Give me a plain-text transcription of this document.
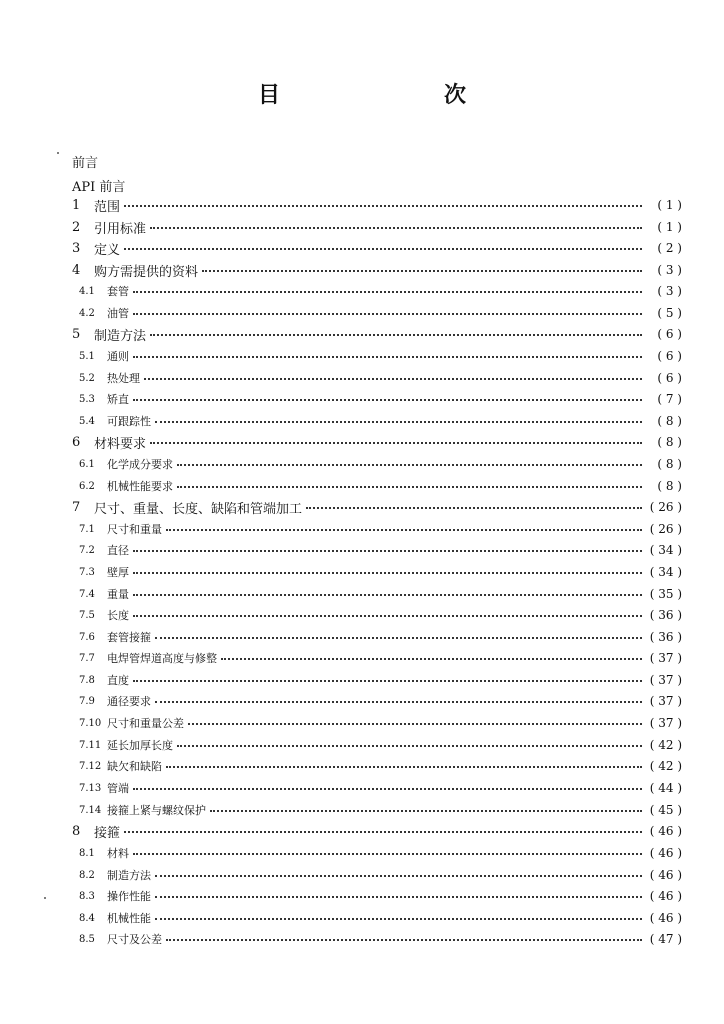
目　　次
前言
API 前言
1	范围	( 1 )
2	引用标准	( 1 )
3	定义	( 2 )
4	购方需提供的资料	( 3 )
4.1	套管	( 3 )
4.2	油管	( 5 )
5	制造方法	( 6 )
5.1	通则	( 6 )
5.2	热处理	( 6 )
5.3	矫直	( 7 )
5.4	可跟踪性	( 8 )
6	材料要求	( 8 )
6.1	化学成分要求	( 8 )
6.2	机械性能要求	( 8 )
7	尺寸、重量、长度、缺陷和管端加工	( 26 )
7.1	尺寸和重量	( 26 )
7.2	直径	( 34 )
7.3	壁厚	( 34 )
7.4	重量	( 35 )
7.5	长度	( 36 )
7.6	套管接箍	( 36 )
7.7	电焊管焊道高度与修整	( 37 )
7.8	直度	( 37 )
7.9	通径要求	( 37 )
7.10 尺寸和重量公差	( 37 )
7.11 延长加厚长度	( 42 )
7.12 缺欠和缺陷	( 42 )
7.13 管端	( 44 )
7.14 接箍上紧与螺纹保护	( 45 )
8	接箍	( 46 )
8.1	材料	( 46 )
8.2	制造方法	( 46 )
8.3	操作性能	( 46 )
8.4	机械性能	( 46 )
8.5	尺寸及公差	( 47 )
